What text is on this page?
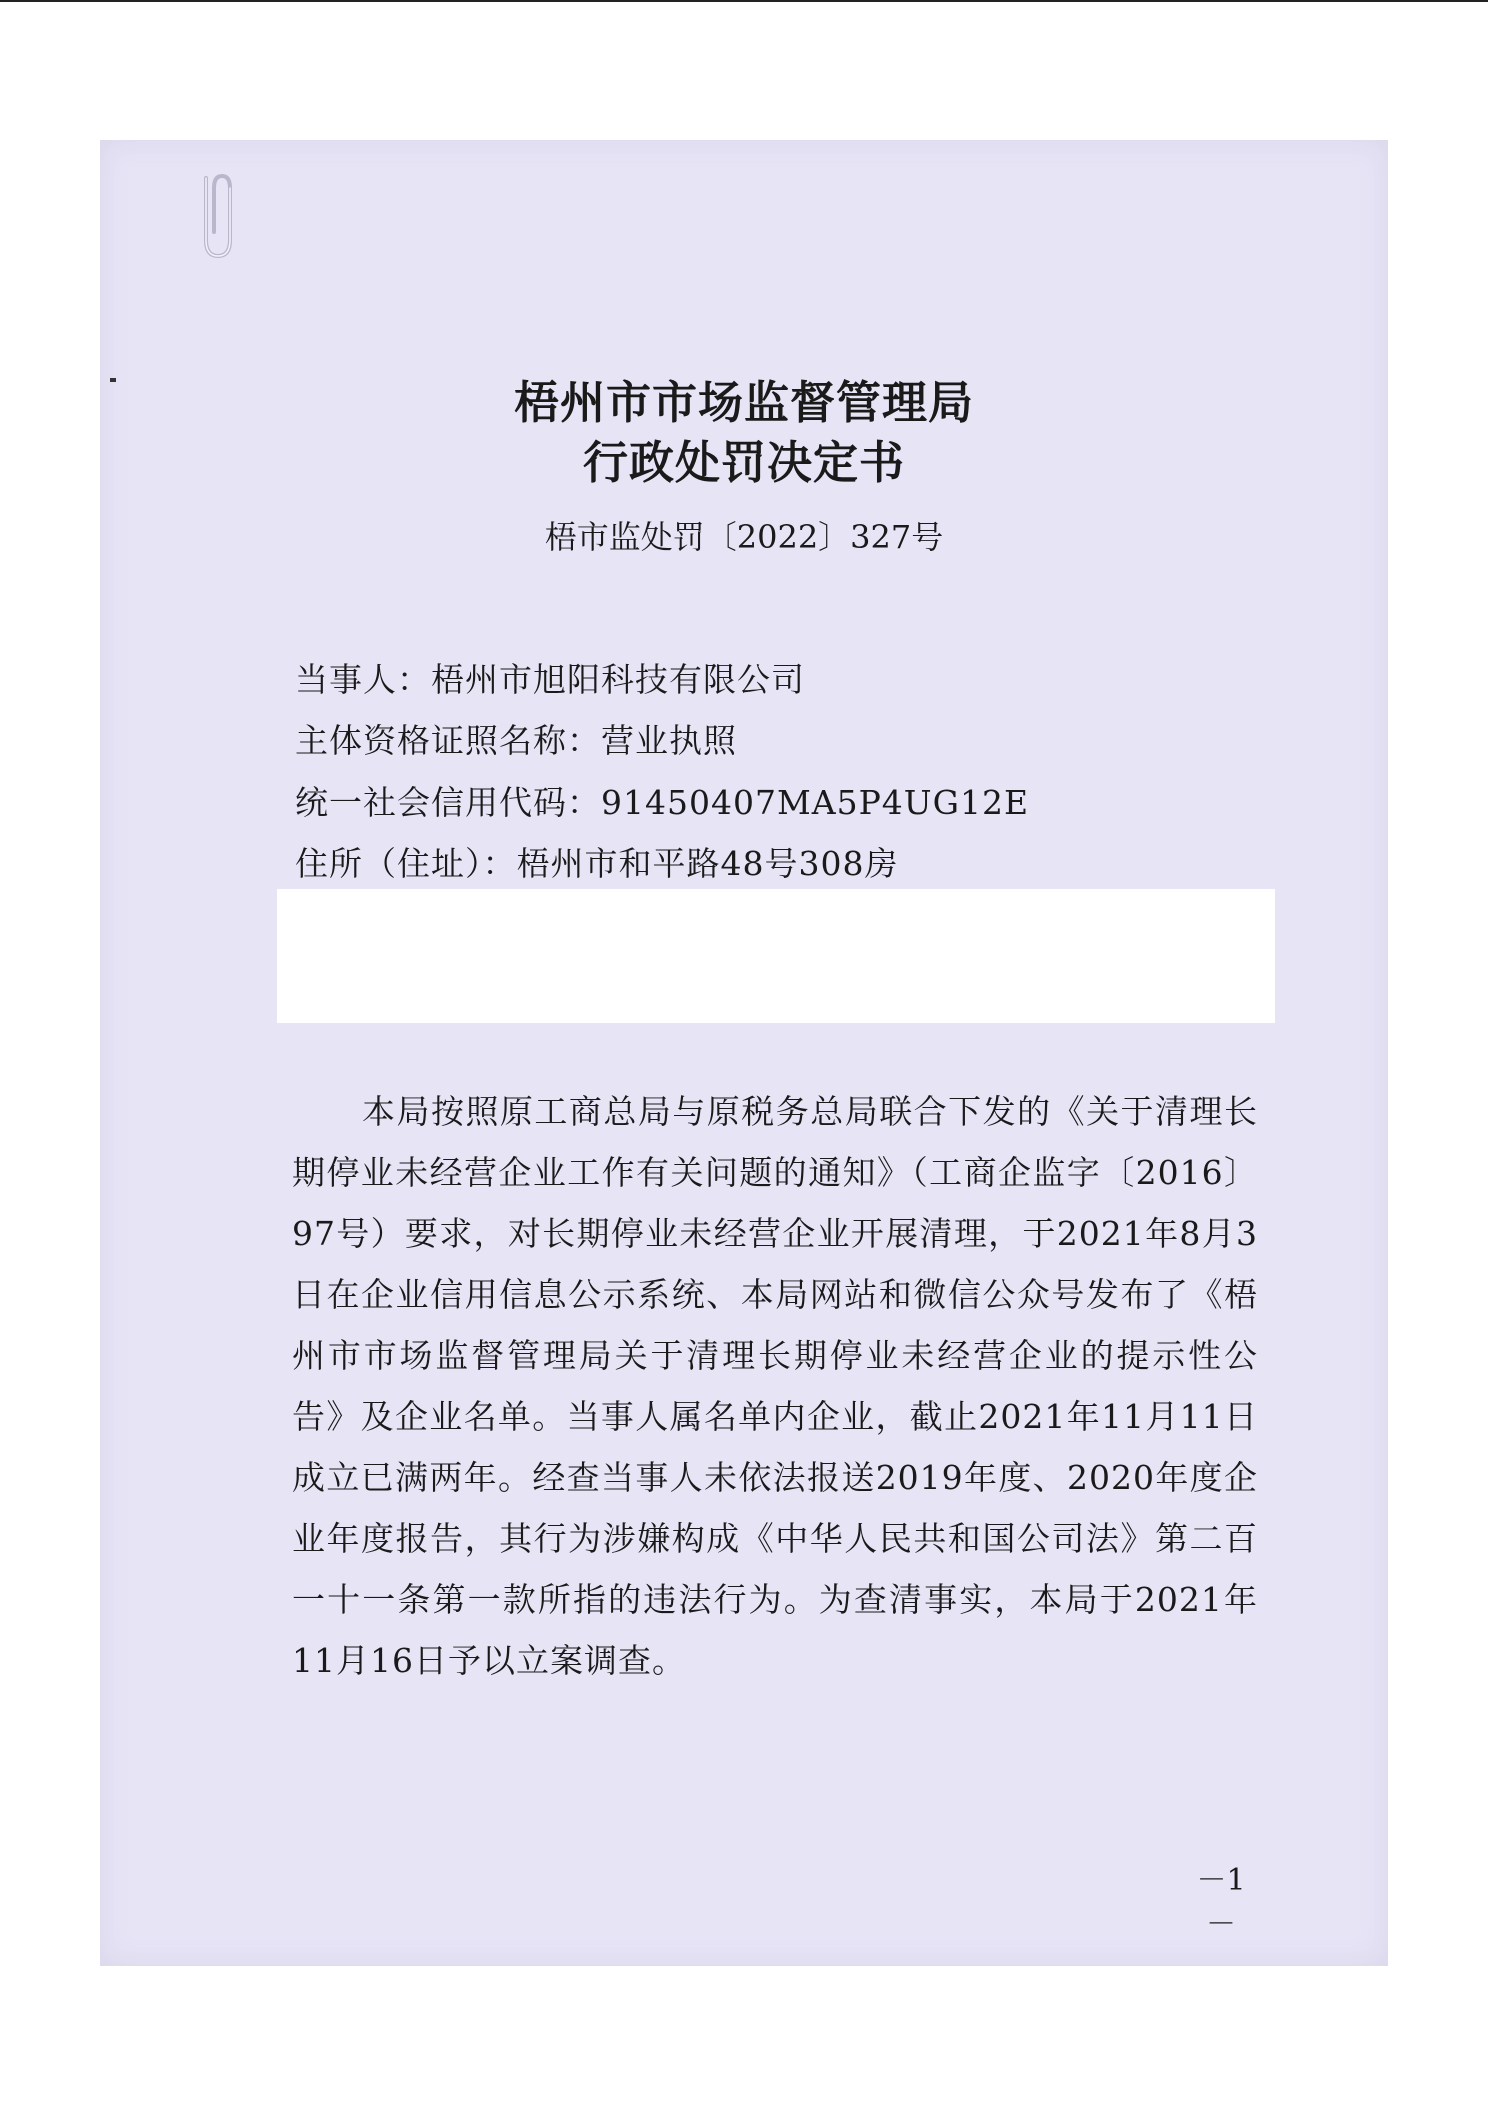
梧州市市场监督管理局
行政处罚决定书
梧市监处罚〔2022〕327号
当事人：梧州市旭阳科技有限公司
主体资格证照名称：营业执照
统一社会信用代码：91450407MA5P4UG12E
住所（住址）：梧州市和平路48号308房
本局按照原工商总局与原税务总局联合下发的《关于清理长期停业未经营企业工作有关问题的通知》（工商企监字〔2016〕97号）要求，对长期停业未经营企业开展清理，于2021年8月3日在企业信用信息公示系统、本局网站和微信公众号发布了《梧州市市场监督管理局关于清理长期停业未经营企业的提示性公告》及企业名单。当事人属名单内企业，截止2021年11月11日成立已满两年。经查当事人未依法报送2019年度、2020年度企业年度报告，其行为涉嫌构成《中华人民共和国公司法》第二百一十一条第一款所指的违法行为。为查清事实，本局于2021年11月16日予以立案调查。
－1－
